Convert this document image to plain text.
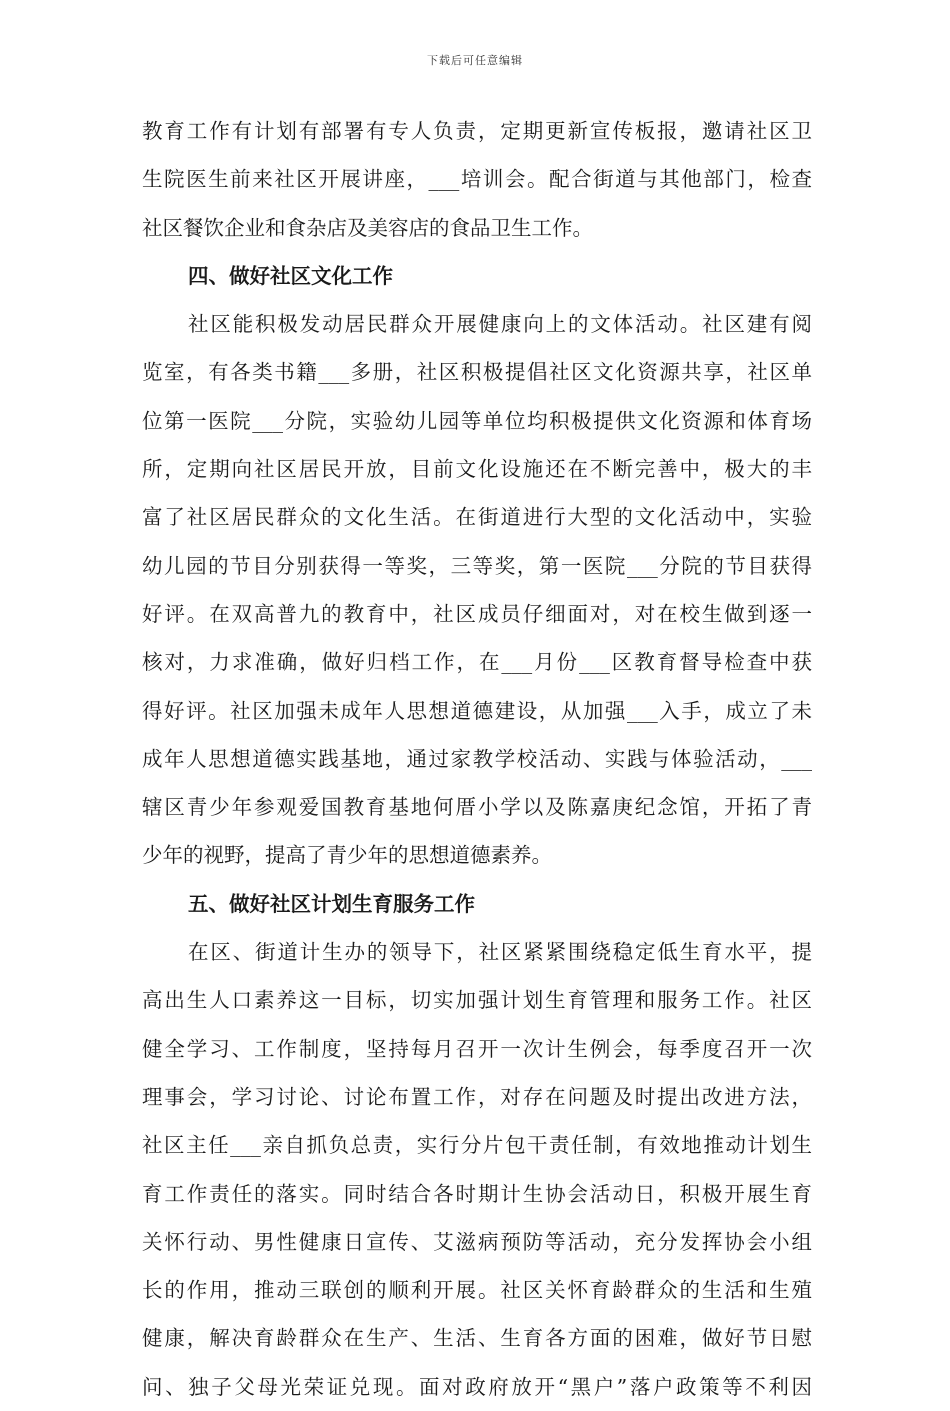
下载后可任意编辑
教育工作有计划有部署有专人负责，定期更新宣传板报，邀请社区卫
生院医生前来社区开展讲座，___培训会。配合街道与其他部门，检查
社区餐饮企业和食杂店及美容店的食品卫生工作。
四、做好社区文化工作
社区能积极发动居民群众开展健康向上的文体活动。社区建有阅
览室，有各类书籍___多册，社区积极提倡社区文化资源共享，社区单
位第一医院___分院，实验幼儿园等单位均积极提供文化资源和体育场
所，定期向社区居民开放，目前文化设施还在不断完善中，极大的丰
富了社区居民群众的文化生活。在街道进行大型的文化活动中，实验
幼儿园的节目分别获得一等奖，三等奖，第一医院___分院的节目获得
好评。在双高普九的教育中，社区成员仔细面对，对在校生做到逐一
核对，力求准确，做好归档工作，在___月份___区教育督导检查中获
得好评。社区加强未成年人思想道德建设，从加强___入手，成立了未
成年人思想道德实践基地，通过家教学校活动、实践与体验活动，___
辖区青少年参观爱国教育基地何厝小学以及陈嘉庚纪念馆，开拓了青
少年的视野，提高了青少年的思想道德素养。
五、做好社区计划生育服务工作
在区、街道计生办的领导下，社区紧紧围绕稳定低生育水平，提
高出生人口素养这一目标，切实加强计划生育管理和服务工作。社区
健全学习、工作制度，坚持每月召开一次计生例会，每季度召开一次
理事会，学习讨论、讨论布置工作，对存在问题及时提出改进方法，
社区主任___亲自抓负总责，实行分片包干责任制，有效地推动计划生
育工作责任的落实。同时结合各时期计生协会活动日，积极开展生育
关怀行动、男性健康日宣传、艾滋病预防等活动，充分发挥协会小组
长的作用，推动三联创的顺利开展。社区关怀育龄群众的生活和生殖
健康，解决育龄群众在生产、生活、生育各方面的困难，做好节日慰
问、独子父母光荣证兑现。面对政府放开“黑户”落户政策等不利因
